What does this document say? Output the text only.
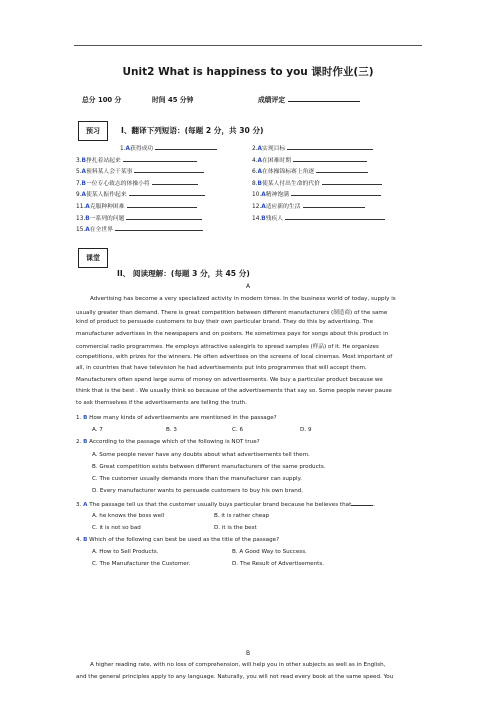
Unit2 What is happiness to you 课时作业(三)
总分 100 分	时间 45 分钟	成绩评定
预习	I、翻译下列短语：(每题 2 分，共 30 分)
1.A获得成功	2.A实现目标
3.B挣扎着站起来	4.A在困难时期
5.A预料某人会干某事	6.A在体操锦标赛上角逐
7.B一位专心致志的体操小将	8.B使某人付出生命的代价
9.A使某人振作起来	10.A精神饱满
11.A克服种种困难	12.A适应新的生活
13.B一系列的问题	14.B残疾人
15.A在全世界
课堂
II、 阅读理解：(每题 3 分，共 45 分)
A
Advertising has become a very specialized activity in modern times. In the business world of today, supply is
usually greater than demand. There is great competition between different manufacturers (制造商) of the same
kind of product to persuade customers to buy their own particular brand. They do this by advertising. The
manufacturer advertises in the newspapers and on posters. He sometimes pays for songs about this product in
commercial radio programmes. He employs attractive salesgirls to spread samples (样品) of it. He organizes
competitions, with prizes for the winners. He often advertises on the screens of local cinemas. Most important of
all, in countries that have television he had advertisements put into programmes that will accept them.
Manufacturers often spend large sums of money on advertisements. We buy a particular product because we
think that is the best . We usually think so because of the advertisements that say so. Some people never pause
to ask themselves if the advertisements are telling the truth.
1. B How many kinds of advertisements are mentioned in the passage?
A. 7	B. 3	C. 6	D. 9
2. B According to the passage which of the following is NOT true?
A. Some people never have any doubts about what advertisements tell them.
B. Great competition exists between different manufacturers of the same products.
C. The customer usually demands more than the manufacturer can supply.
D. Every manufacturer wants to persuade customers to buy his own brand.
3. A The passage tell us that the customer usually buys particular brand because he believes that	.
A. he knows the boss well	B. it is rather cheap
C. it is not so bad	D. it is the best
4. B Which of the following can best be used as the title of the passage?
A. How to Sell Products.	B. A Good Way to Success.
C. The Manufacturer the Customer.	D. The Result of Advertisements.
B
A higher reading rate, with no loss of comprehension, will help you in other subjects as well as in English,
and the general principles apply to any language. Naturally, you will not read every book at the same speed. You
